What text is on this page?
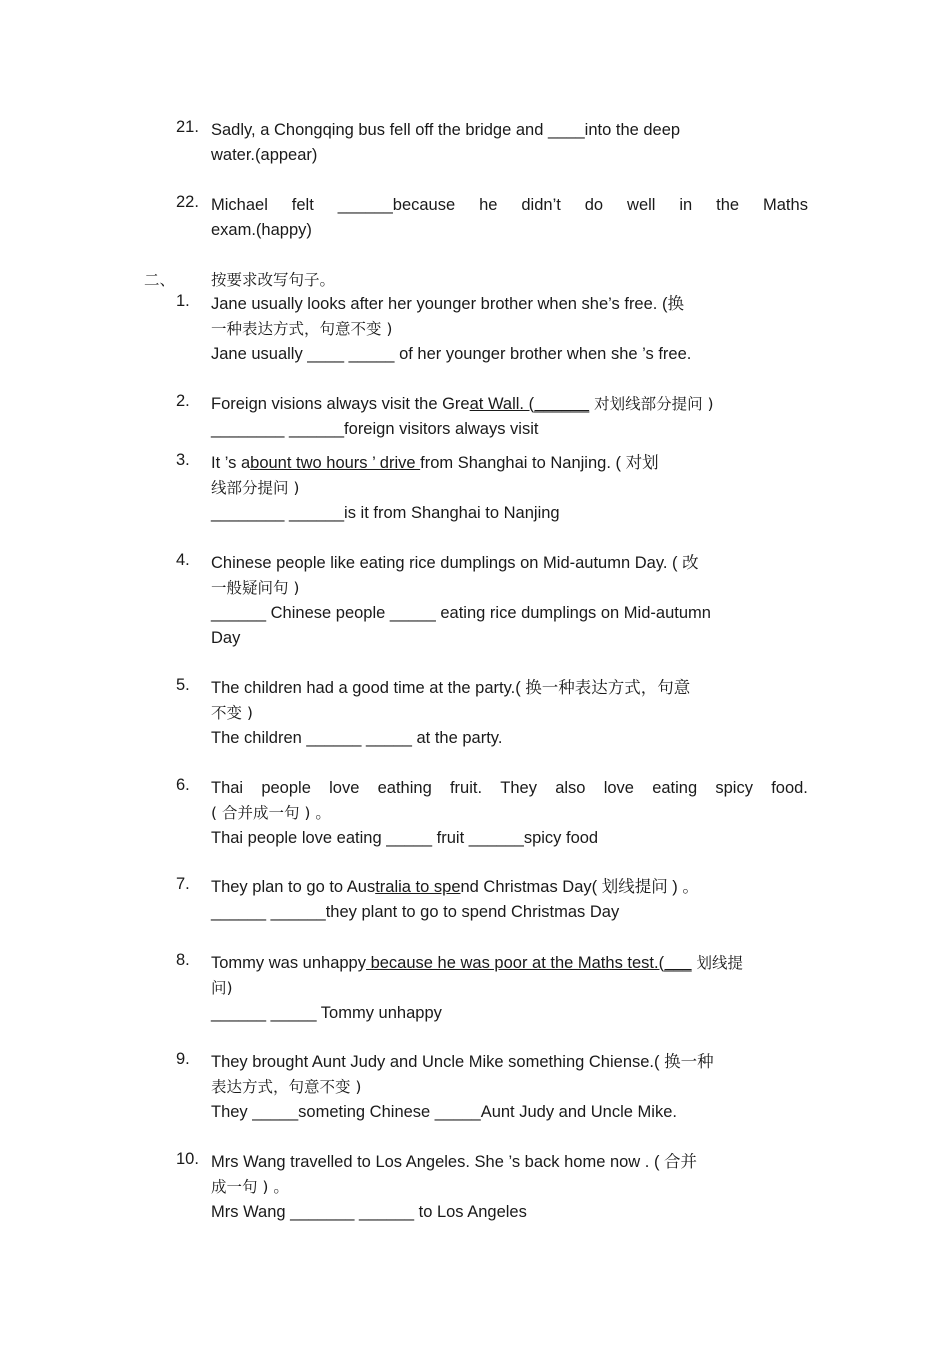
21. Sadly, a Chongqing bus fell off the bridge and ____into the deep
water.(appear)
22. Michael felt ______because he didn’t do well in the Maths
exam.(happy)
二、 按要求改写句子。
1.	Jane usually looks after her younger brother when she’s free. (换
一种表达方式，句意不变 )
Jane usually ____ _____ of her younger brother when she ’s free.
2.	Foreign visions always visit the Great Wall. (______ 对划线部分提问 )
________ ______foreign visitors always visit
3.	It ’s abount two hours ’ drive from Shanghai to Nanjing. ( 对划
线部分提问 )
________ ______is it from Shanghai to Nanjing
4.	Chinese people like eating rice dumplings on Mid-autumn Day. ( 改
一般疑问句 )
______ Chinese people _____ eating rice dumplings on Mid-autumn
Day
5.	The children had a good time at the party.( 换一种表达方式，句意
不变 )
The children ______ _____ at the party.
6.	Thai people love eathing fruit. They also love eating spicy food.
( 合并成一句 ) 。
Thai people love eating _____ fruit ______spicy food
7.	They plan to go to Australia to spend Christmas Day( 划线提问 ) 。
______ ______they plant to go to spend Christmas Day
8.	Tommy was unhappy because he was poor at the Maths test.(___ 划线提
问)
______ _____ Tommy unhappy
9.	They brought Aunt Judy and Uncle Mike something Chiense.( 换一种
表达方式，句意不变 )
They _____someting Chinese _____Aunt Judy and Uncle Mike.
10. Mrs Wang travelled to Los Angeles. She ’s back home now . ( 合并
成一句 ) 。
Mrs Wang _______ ______ to Los Angeles
